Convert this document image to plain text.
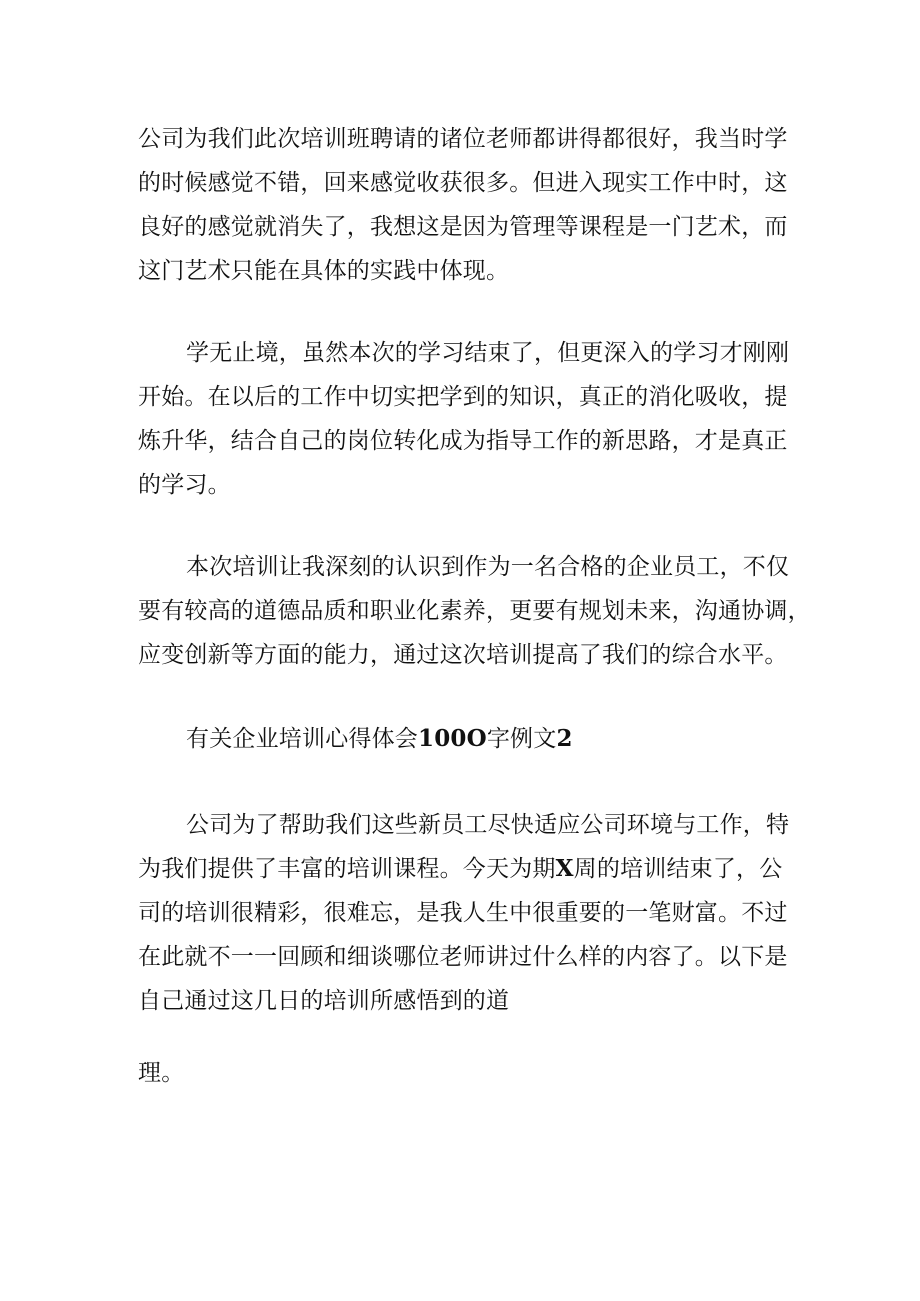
公司为我们此次培训班聘请的诸位老师都讲得都很好，我当时学
的时候感觉不错，回来感觉收获很多。但进入现实工作中时，这
良好的感觉就消失了，我想这是因为管理等课程是一门艺术，而
这门艺术只能在具体的实践中体现。

学无止境，虽然本次的学习结束了，但更深入的学习才刚刚
开始。在以后的工作中切实把学到的知识，真正的消化吸收，提
炼升华，结合自己的岗位转化成为指导工作的新思路，才是真正
的学习。

本次培训让我深刻的认识到作为一名合格的企业员工，不仅
要有较高的道德品质和职业化素养，更要有规划未来，沟通协调，
应变创新等方面的能力，通过这次培训提高了我们的综合水平。

有关企业培训心得体会100O字例文2

公司为了帮助我们这些新员工尽快适应公司环境与工作，特
为我们提供了丰富的培训课程。今天为期X周的培训结束了，公
司的培训很精彩，很难忘，是我人生中很重要的一笔财富。不过
在此就不一一回顾和细谈哪位老师讲过什么样的内容了。以下是
自己通过这几日的培训所感悟到的道

理。
